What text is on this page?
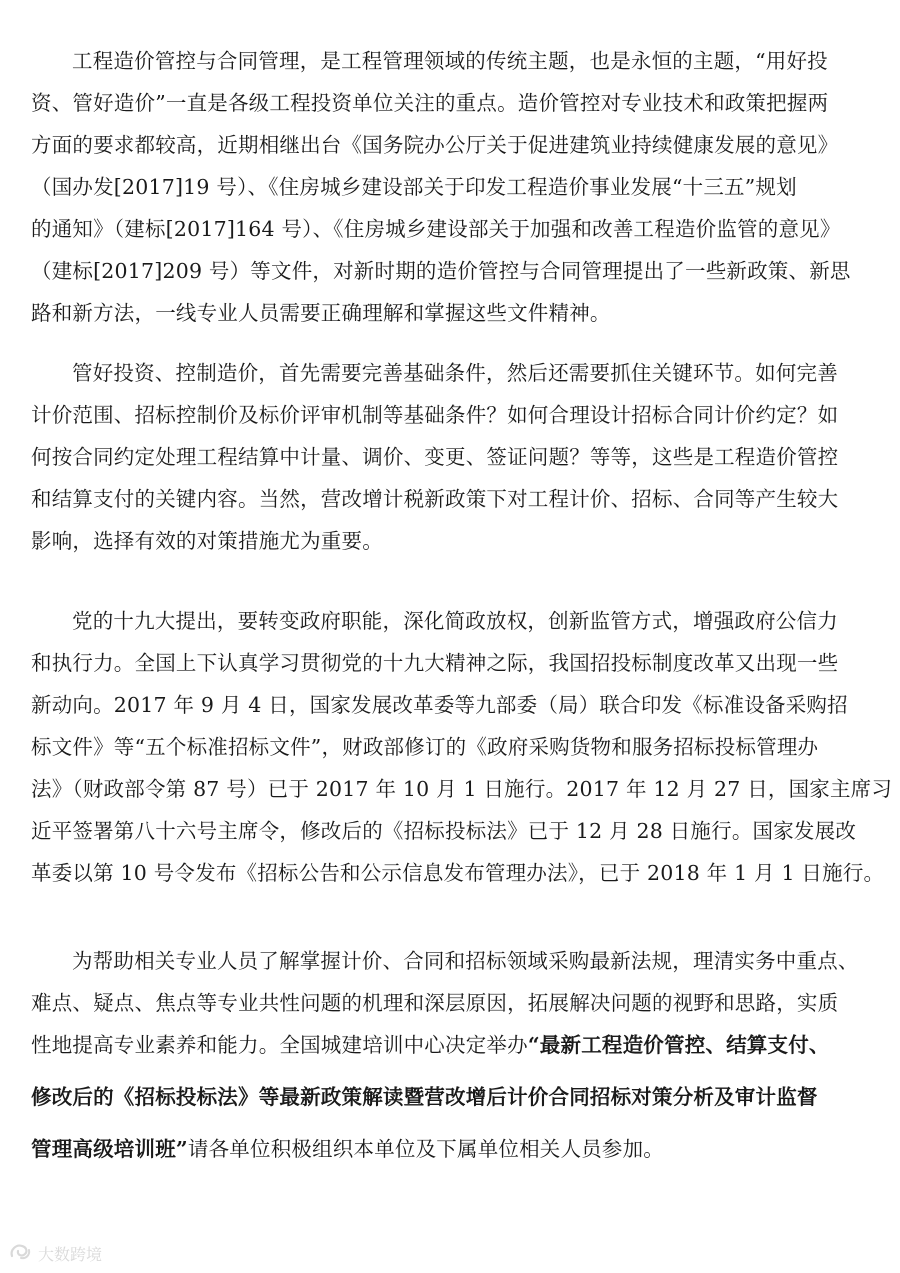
工程造价管控与合同管理，是工程管理领域的传统主题，也是永恒的主题，“用好投
资、管好造价”一直是各级工程投资单位关注的重点。造价管控对专业技术和政策把握两
方面的要求都较高，近期相继出台《国务院办公厅关于促进建筑业持续健康发展的意见》
（国办发[2017]19 号）、《住房城乡建设部关于印发工程造价事业发展“十三五”规划
的通知》（建标[2017]164 号）、《住房城乡建设部关于加强和改善工程造价监管的意见》
（建标[2017]209 号）等文件，对新时期的造价管控与合同管理提出了一些新政策、新思
路和新方法，一线专业人员需要正确理解和掌握这些文件精神。
管好投资、控制造价，首先需要完善基础条件，然后还需要抓住关键环节。如何完善
计价范围、招标控制价及标价评审机制等基础条件？如何合理设计招标合同计价约定？如
何按合同约定处理工程结算中计量、调价、变更、签证问题？等等，这些是工程造价管控
和结算支付的关键内容。当然，营改增计税新政策下对工程计价、招标、合同等产生较大
影响，选择有效的对策措施尤为重要。
党的十九大提出，要转变政府职能，深化简政放权，创新监管方式，增强政府公信力
和执行力。全国上下认真学习贯彻党的十九大精神之际，我国招投标制度改革又出现一些
新动向。2017 年 9 月 4 日，国家发展改革委等九部委（局）联合印发《标准设备采购招
标文件》等“五个标准招标文件”，财政部修订的《政府采购货物和服务招标投标管理办
法》（财政部令第 87 号）已于 2017 年 10 月 1 日施行。2017 年 12 月 27 日，国家主席习
近平签署第八十六号主席令，修改后的《招标投标法》已于 12 月 28 日施行。国家发展改
革委以第 10 号令发布《招标公告和公示信息发布管理办法》，已于 2018 年 1 月 1 日施行。
为帮助相关专业人员了解掌握计价、合同和招标领域采购最新法规，理清实务中重点、
难点、疑点、焦点等专业共性问题的机理和深层原因，拓展解决问题的视野和思路，实质
性地提高专业素养和能力。全国城建培训中心决定举办“最新工程造价管控、结算支付、
修改后的《招标投标法》等最新政策解读暨营改增后计价合同招标对策分析及审计监督
管理高级培训班”请各单位积极组织本单位及下属单位相关人员参加。
大数跨境
